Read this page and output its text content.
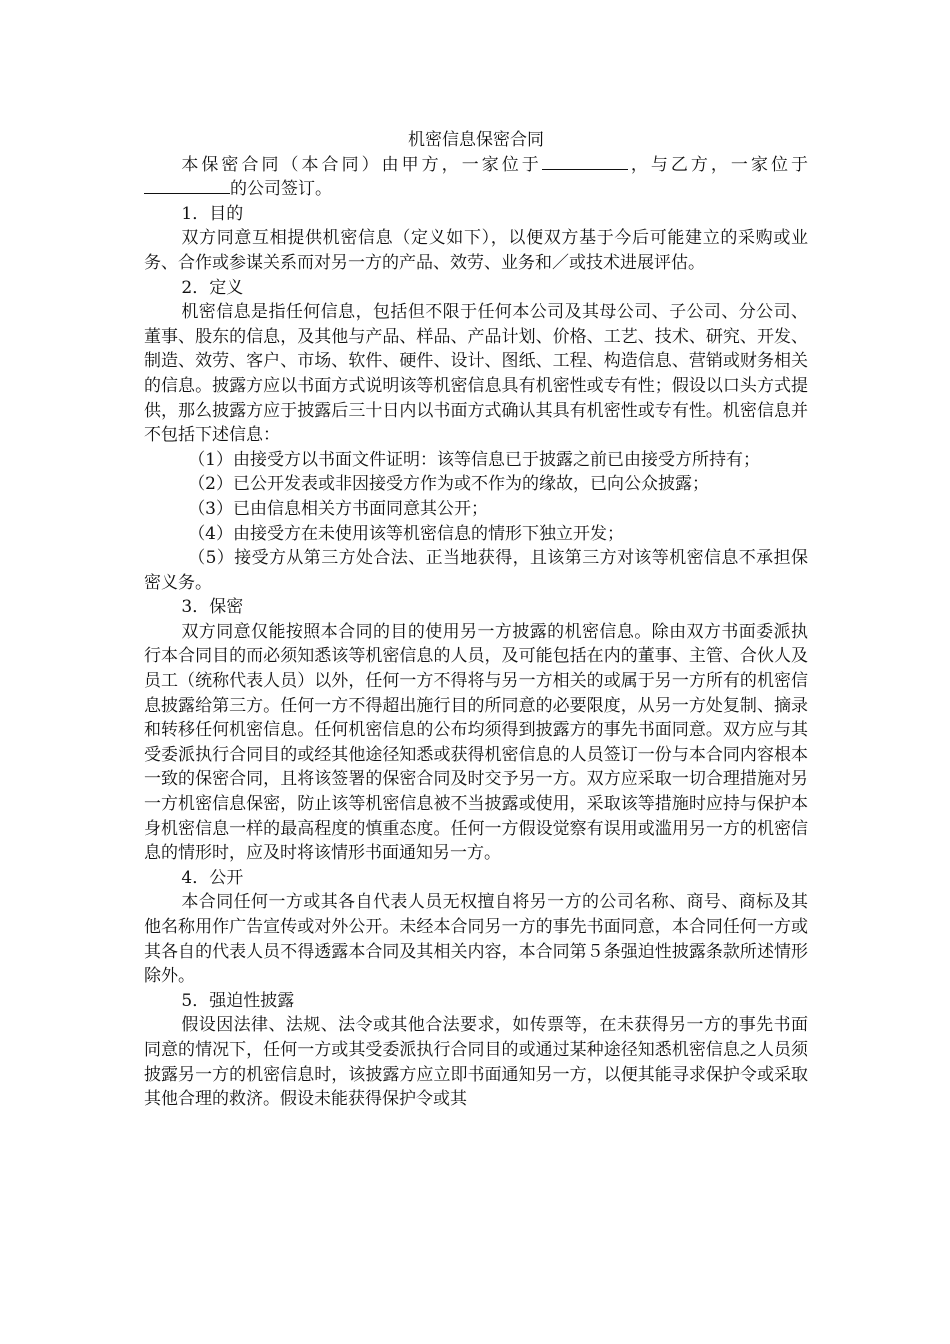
机密信息保密合同

本保密合同（本合同）由甲方，一家位于	，与乙方，一家位于的公司签订。

1．目的

双方同意互相提供机密信息（定义如下），以便双方基于今后可能建立的采购或业务、合作或参谋关系而对另一方的产品、效劳、业务和／或技术进展评估。

2．定义

机密信息是指任何信息，包括但不限于任何本公司及其母公司、子公司、分公司、董事、股东的信息，及其他与产品、样品、产品计划、价格、工艺、技术、研究、开发、制造、效劳、客户、市场、软件、硬件、设计、图纸、工程、构造信息、营销或财务相关的信息。披露方应以书面方式说明该等机密信息具有机密性或专有性；假设以口头方式提供，那么披露方应于披露后三十日内以书面方式确认其具有机密性或专有性。机密信息并不包括下述信息：

（1）由接受方以书面文件证明：该等信息已于披露之前已由接受方所持有；

（2）已公开发表或非因接受方作为或不作为的缘故，已向公众披露；

（3）已由信息相关方书面同意其公开；

（4）由接受方在未使用该等机密信息的情形下独立开发；

（5）接受方从第三方处合法、正当地获得，且该第三方对该等机密信息不承担保密义务。

3．保密

双方同意仅能按照本合同的目的使用另一方披露的机密信息。除由双方书面委派执行本合同目的而必须知悉该等机密信息的人员，及可能包括在内的董事、主管、合伙人及员工（统称代表人员）以外，任何一方不得将与另一方相关的或属于另一方所有的机密信息披露给第三方。任何一方不得超出施行目的所同意的必要限度，从另一方处复制、摘录和转移任何机密信息。任何机密信息的公布均须得到披露方的事先书面同意。双方应与其受委派执行合同目的或经其他途径知悉或获得机密信息的人员签订一份与本合同内容根本一致的保密合同，且将该签署的保密合同及时交予另一方。双方应采取一切合理措施对另一方机密信息保密，防止该等机密信息被不当披露或使用，采取该等措施时应持与保护本身机密信息一样的最高程度的慎重态度。任何一方假设觉察有误用或滥用另一方的机密信息的情形时，应及时将该情形书面通知另一方。

4．公开

本合同任何一方或其各自代表人员无权擅自将另一方的公司名称、商号、商标及其他名称用作广告宣传或对外公开。未经本合同另一方的事先书面同意，本合同任何一方或其各自的代表人员不得透露本合同及其相关内容，本合同第５条强迫性披露条款所述情形除外。

5．强迫性披露

假设因法律、法规、法令或其他合法要求，如传票等，在未获得另一方的事先书面同意的情况下，任何一方或其受委派执行合同目的或通过某种途径知悉机密信息之人员须披露另一方的机密信息时，该披露方应立即书面通知另一方，以便其能寻求保护令或采取其他合理的救济。假设未能获得保护令或其
